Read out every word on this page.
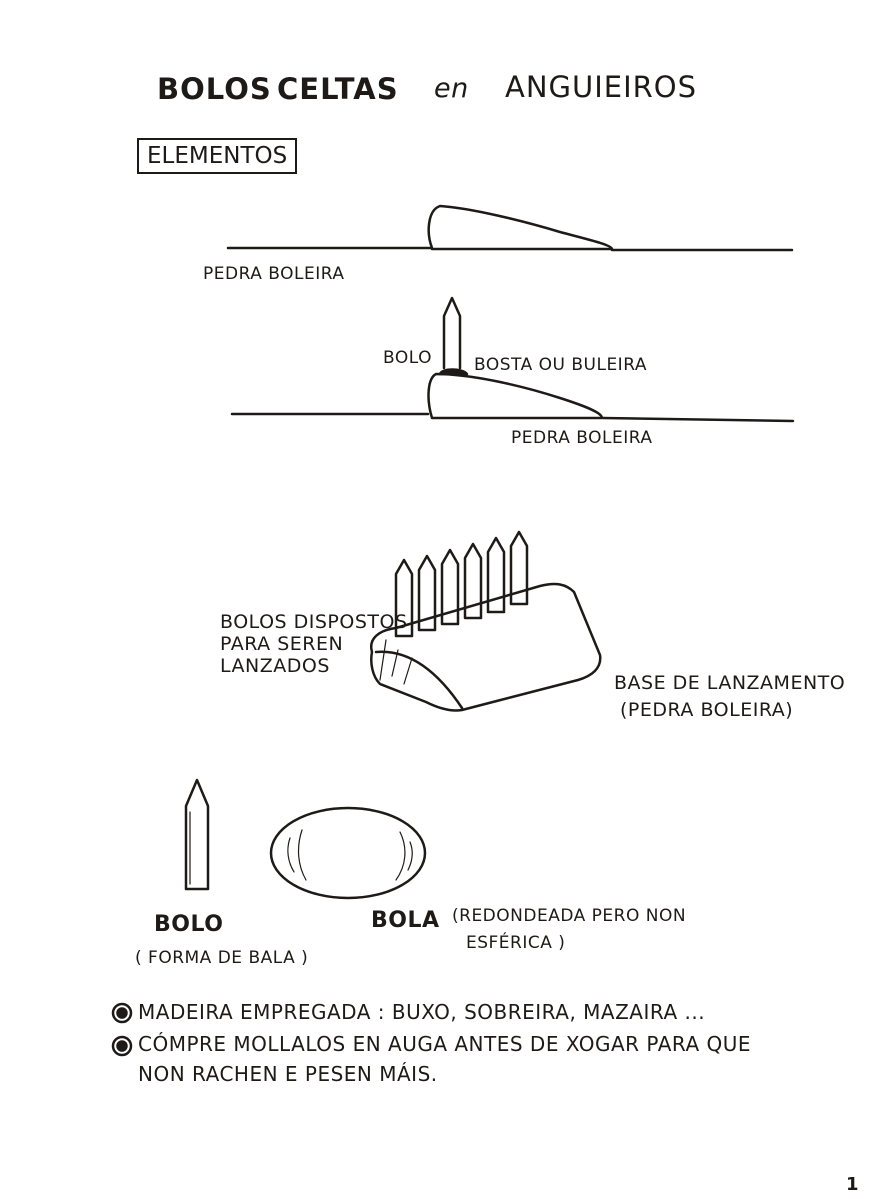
BOLOS CELTAS en ANGUIEIROS
ELEMENTOS
PEDRA BOLEIRA
BOLO BOSTA OU BULEIRA
PEDRA BOLEIRA
BOLOS DISPOSTOS
PARA SEREN
LANZADOS
BASE DE LANZAMENTO
(PEDRA BOLEIRA)
BOLO
( FORMA DE BALA )
BOLA (REDONDEADA PERO NON
ESFÉRICA )
MADEIRA EMPREGADA : BUXO, SOBREIRA, MAZAIRA ...
CÓMPRE MOLLALOS EN AUGA ANTES DE XOGAR PARA QUE
NON RACHEN E PESEN MÁIS.
1
